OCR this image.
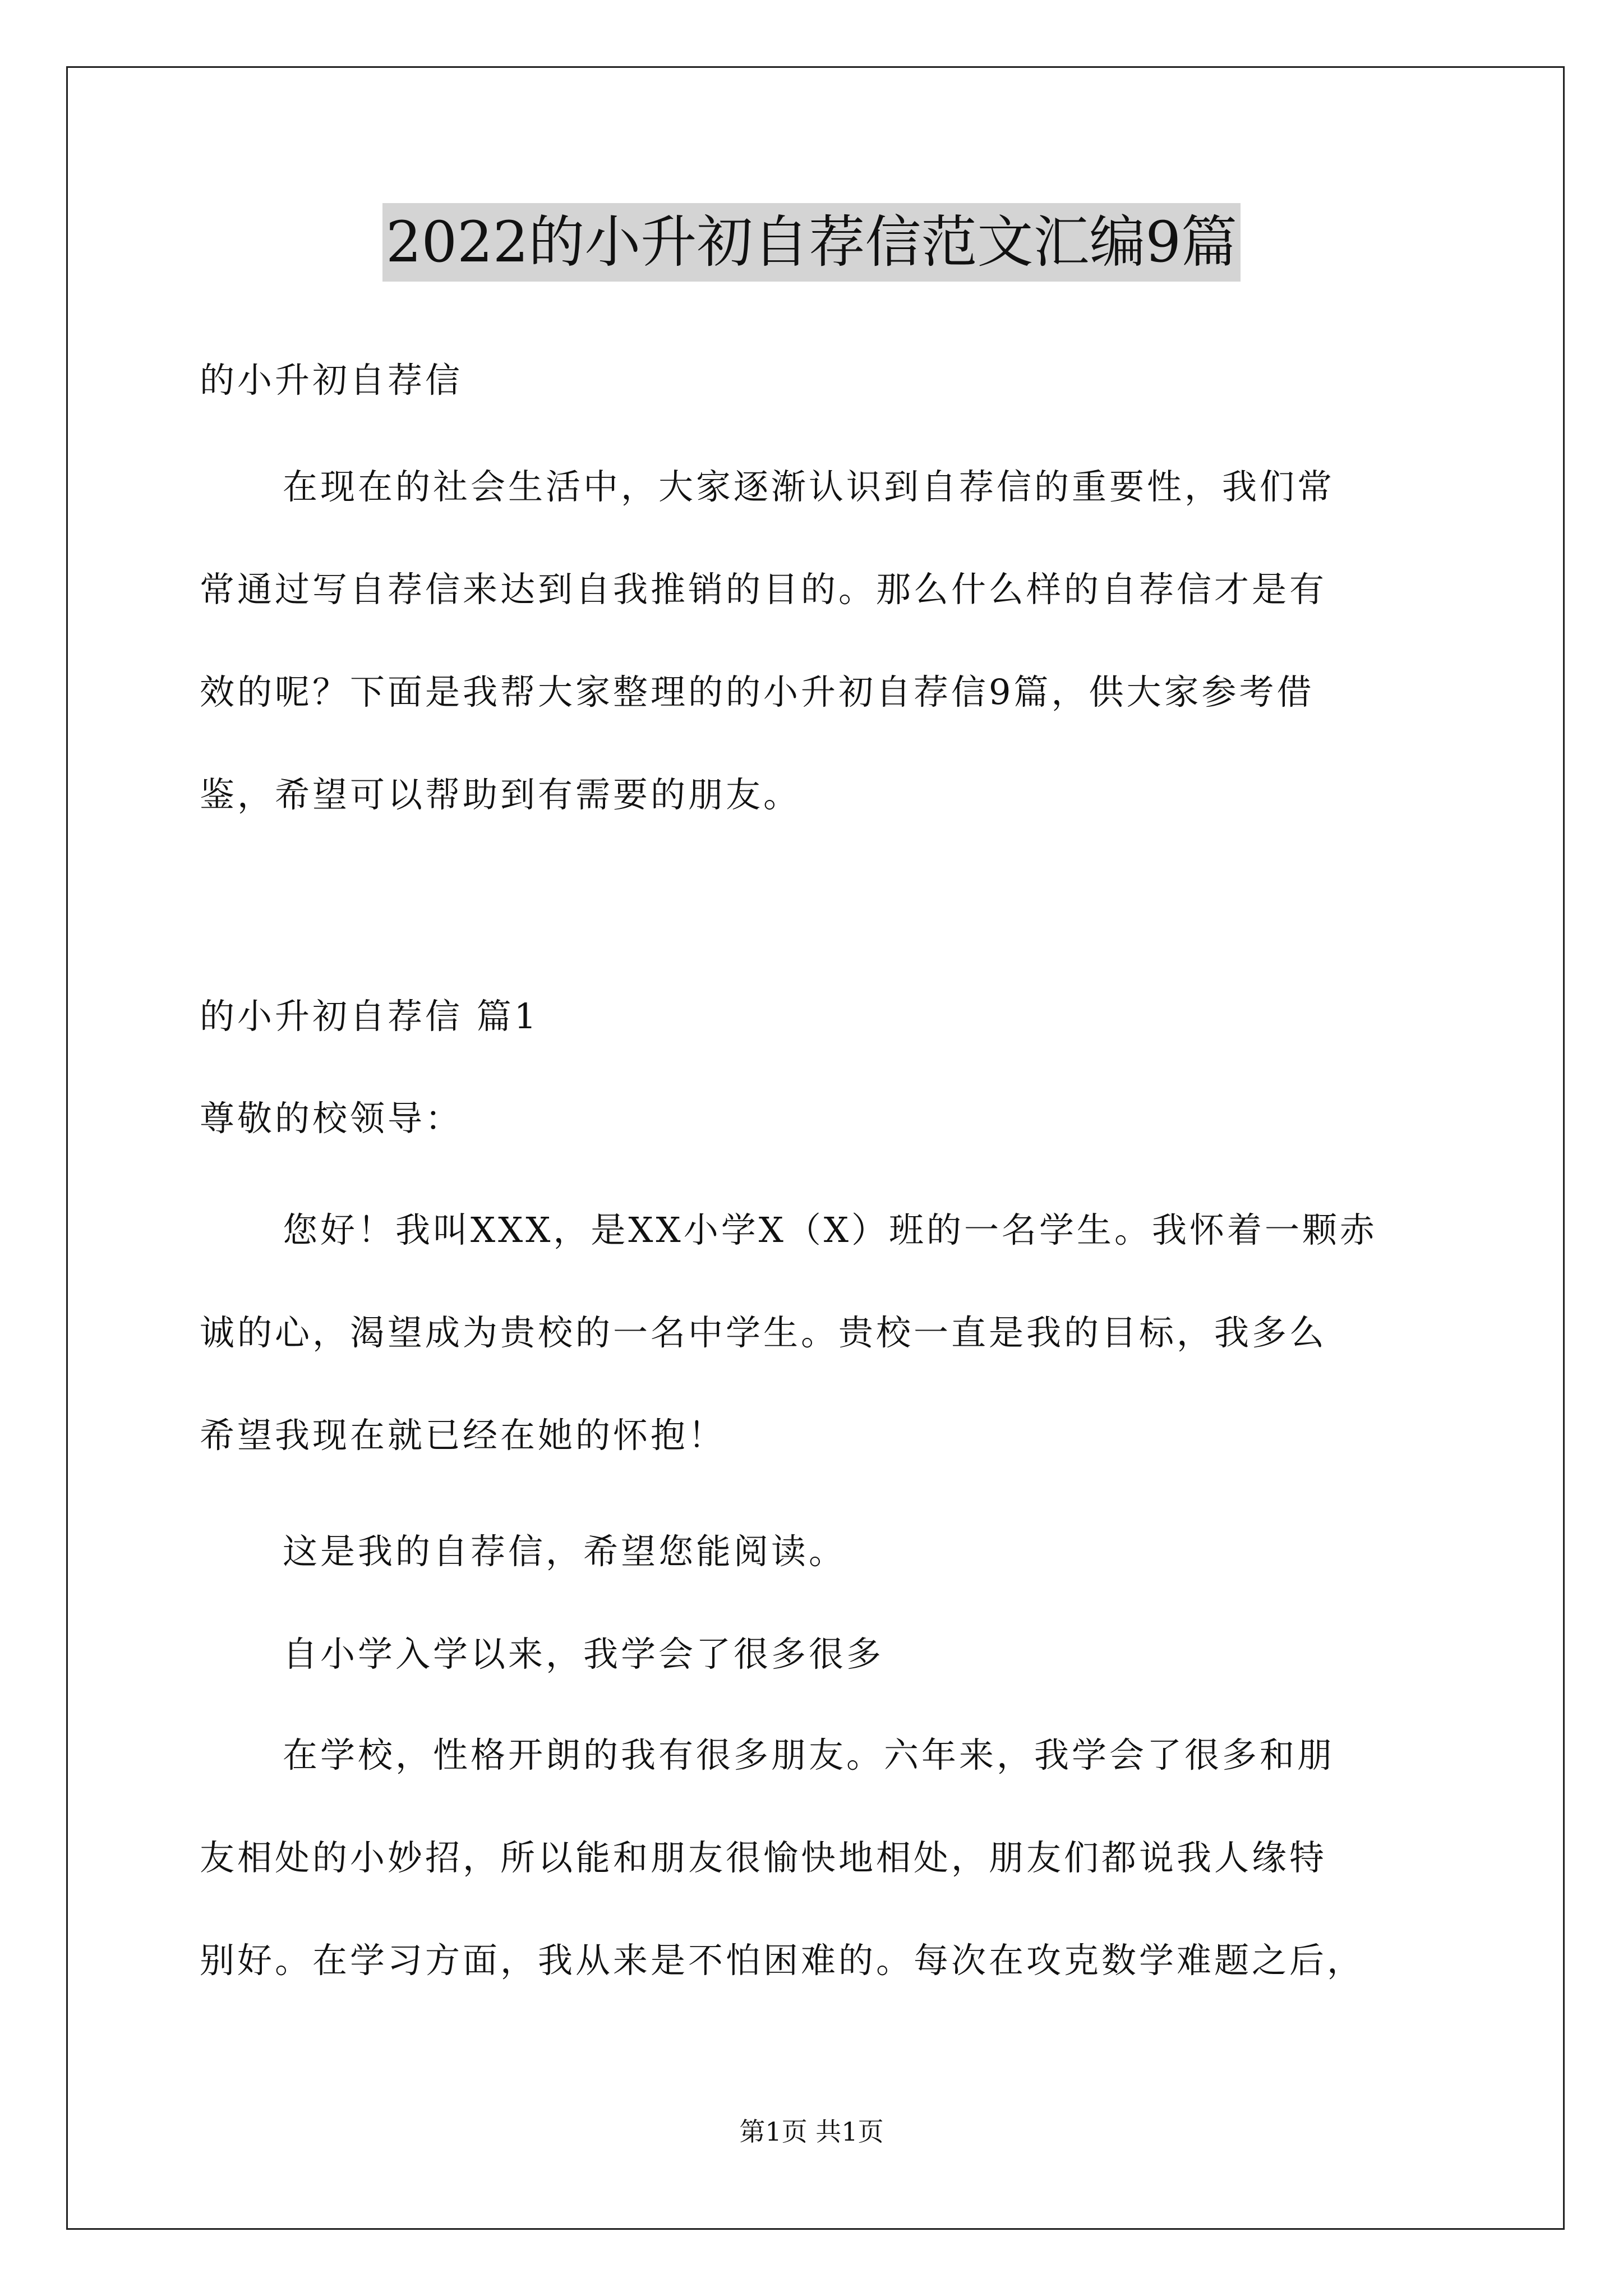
2022的小升初自荐信范文汇编9篇

的小升初自荐信

在现在的社会生活中，大家逐渐认识到自荐信的重要性，我们常
常通过写自荐信来达到自我推销的目的。那么什么样的自荐信才是有
效的呢？下面是我帮大家整理的的小升初自荐信9篇，供大家参考借
鉴，希望可以帮助到有需要的朋友。

的小升初自荐信 篇1

尊敬的校领导：

您好！我叫XXX，是XX小学X（X）班的一名学生。我怀着一颗赤
诚的心，渴望成为贵校的一名中学生。贵校一直是我的目标，我多么
希望我现在就已经在她的怀抱！

这是我的自荐信，希望您能阅读。

自小学入学以来，我学会了很多很多

在学校，性格开朗的我有很多朋友。六年来，我学会了很多和朋
友相处的小妙招，所以能和朋友很愉快地相处，朋友们都说我人缘特
别好。在学习方面，我从来是不怕困难的。每次在攻克数学难题之后，

第1页 共1页
